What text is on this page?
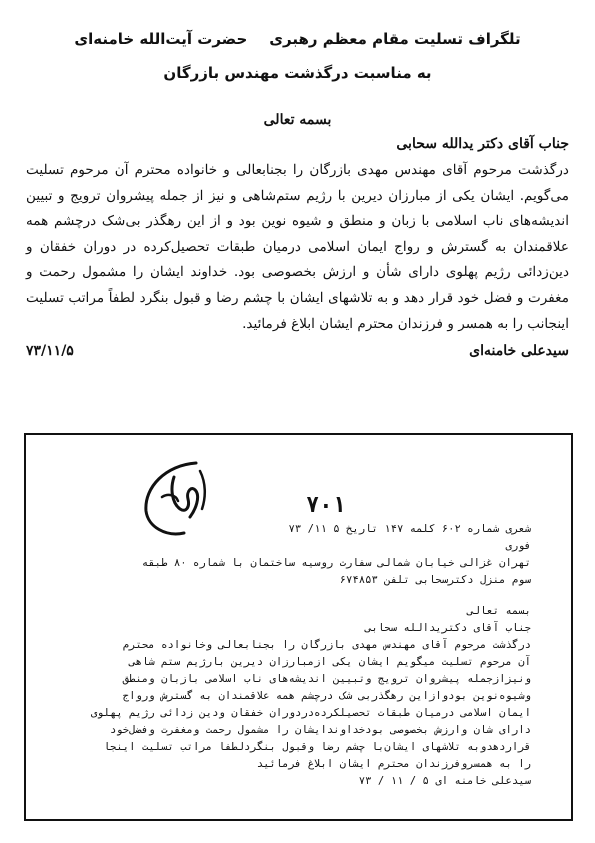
تلگراف تسلیت مقام معظم رهبری
حضرت آیت‌الله خامنه‌ای
به مناسبت درگذشت مهندس بازرگان
بسمه تعالی
جناب آقای دکتر یدالله سحابی
درگذشت مرحوم آقای مهندس مهدی بازرگان را بجنابعالی و خانواده محترم آن مرحوم تسلیت می‌گویم. ایشان یکی از مبارزان دیرین با رژیم ستم‌شاهی و نیز از جمله پیشروان ترویج و تبیین اندیشه‌های ناب اسلامی با زبان و منطق و شیوه نوین بود و از این رهگذر بی‌شک درچشم همه علاقمندان به گسترش و رواج ایمان اسلامی درمیان طبقات تحصیل‌کرده در دوران خفقان و دین‌زدائی رژیم پهلوی دارای شأن و ارزش بخصوصی بود. خداوند ایشان را مشمول رحمت و مغفرت و فضل خود قرار دهد و به تلاشهای ایشان با چشم رضا و قبول بنگرد لطفاً مراتب تسلیت اینجانب را به همسر و فرزندان محترم ایشان ابلاغ فرمائید.
سیدعلی خامنه‌ای
۷۳/۱۱/۵
۷۰۱
شعری شماره ۶۰۲ کلمه ۱۴۷ تاریخ ۵ ۱۱/ ۷۳
فوری
تهران غزالی خیابان شمالی سفارت روسیه ساختمان با شماره ۸۰ طبقه
سوم منزل دکترسحابی تلفن ۶۷۴۸۵۳
بسمه تعالی
جناب آقای دکتریدالله سحابی
درگذشت مرحوم آقای مهندس مهدی بازرگان را بجنابعالی وخانواده محترم
آن مرحوم تسلیت میگویم ایشان یکی ازمبارزان دیرین بارژیم ستم شاهی
ونیزازجمله پیشروان ترویج وتبیین اندیشه‌های ناب اسلامی بازبان ومنطق
وشیوه‌نوین بودوازاین رهگذربی شک درچشم همه علاقمندان به گسترش ورواج
ایمان اسلامی درمیان طبقات تحصیلکرده‌دردوران خفقان ودین زدائی رژیم پهلوی
دارای شان وارزش بخصوصی بودخداوندایشان را مشمول رحمت ومغفرت وفضل‌خود
قراردهدوبه تلاشهای ایشان‌با چشم رضا وقبول بنگردلطفا مراتب تسلیت اینجا
را به همسروفرزندان محترم ایشان ابلاغ فرمائید
سیدعلی خامنه ای ۵ / ۱۱ / ۷۳
